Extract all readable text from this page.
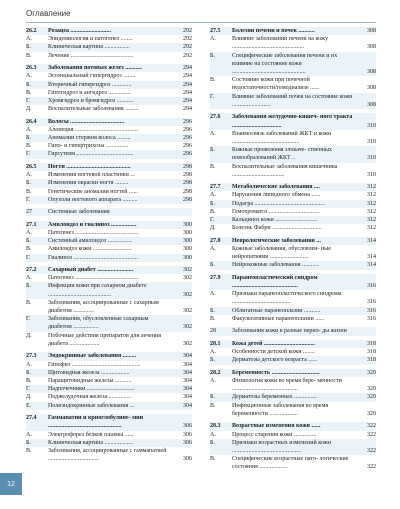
Оглавление
26.2	Розацеа ...........................	292
А.	Эпидемиология и патогенез ........	292
Б.	Клиническая картина .................	292
В.	Лечение ..........................................	292
26.3	Заболевания потовых желез ...........	294
А.	Эссенциальный гипергидроз ........	294
Б.	Вторичный гипергидроз .............	294
В.	Гипогидроз и ангидроз ...............	294
Г.	Хромгидроз и бромгидроз ...........	294
Д.	Воспалительные заболевания .........	294
26.4	Волосы ....................................	296
А.	Алопеция ..........................................	296
Б.	Аномалии стержня волоса .........	296
В.	Гипо- и гипертрихозы ...............	296
Г.	Гирсутизм ......................................	296
26.5	Ногти ...........................................	298
А.	Изменения ногтевой пластинки ...	298
Б.	Изменения окраски ногтя .........	298
В.	Генетические аномалии ногтей ......	298
Г.	Опухоли ногтевого аппарата ..........	298
27	Системные заболевания
27.1	Амилоидоз и гиалиноз .................	300
А.	Патогенез ..........................................	300
Б.	Системный амилоидоз ................	300
В.	Амилоидоз кожи ..........................	300
Г.	Гиалиноз ...........................................	300
27.2	Сахарный диабет ........................	302
А.	Патогенез ..........................................	302
Б.	Инфекции кожи при сахарном диабете ..........................................	302
В.	Заболевания, ассоциированные с сахарным диабетом ..............	302
Г.	Заболевания, обусловленные сахарным диабетом .................	302
Д.	Побочные действия препаратов для лечения диабета ....................	302
27.3	Эндокринные заболевания .........	304
А.	Гипофиз ..............................................	304
Б.	Щитовидная железа ...................	304
В.	Паращитовидные железы ...........	304
Г.	Надпочечники ................................	304
Д.	Поджелудочная железа ...............	304
Е.	Полиэндокринные заболевания ...	304
27.4	Гаммапатии и криоглобулине- мии .................................................	306
А.	Электрофорез белков плазмы ......	306
Б.	Клиническая картина ...................	306
В.	Заболевания, ассоциированные с гаммапатией ..................................	306
27.5	Болезни печени и почек ...........	308
А.	Влияние заболеваний печени на кожу ................................................	308
Б.	Специфические заболевания печени и их влияние на состояние кожи .................................................	308
В.	Состояние кожи при почечной недостаточности/гемодиализе ......	308
Г.	Влияние заболеваний почек на состояние кожи ..........................	308
27.6	Заболевания желудочно-кишеч- ного тракта .................................	310
А.	Взаимосвязь заболеваний ЖКТ и кожи .............................................	310
Б.	Кожные проявления злокаче- ственных новообразований ЖКТ ..	310
В.	Воспалительные заболевания кишечника ...................................	310
27.7	Метаболические заболевания ....	312
А.	Нарушения липидного обмена ......	312
Б.	Подагра ...............................................	312
В.	Гемохроматоз ..................................	312
Г.	Кальциноз кожи ............................	312
Д.	Болезнь Фабри .................................	312
27.8	Неврологические заболевания ...	314
А.	Кожные заболевания, обусловлен- ные нейропатиями ..........................	314
Б.	Нейрокожные заболевания ...........	314
27.9	Паранеопластический синдром ............................................	316
А.	Признаки паранеопластического синдрома .......................................	316
Б.	Облигатные паранеоплазии ...........	316
В.	Факультативные паранеоплазии ......	316
28	Заболевания кожи в разные перио- ды жизни
28.1	Кожа детей ..................................	318
А.	Особенности детской кожи ........	318
Б.	Дерматозы детского возраста ......	318
28.2	Беременность ................................	320
А.	Физиология кожи во время бере- менности ............................................	320
Б.	Дерматозы беременных ...............	320
В.	Инфекционные заболевания во время беременности ...................	320
28.3	Возрастные изменения кожи ......	322
А.	Процесс старения кожи ...............	322
Б.	Признаки возрастных изменений кожи ..............................................	322
В.	Специфические возрастные пато- логические состояния ...................	322
12
